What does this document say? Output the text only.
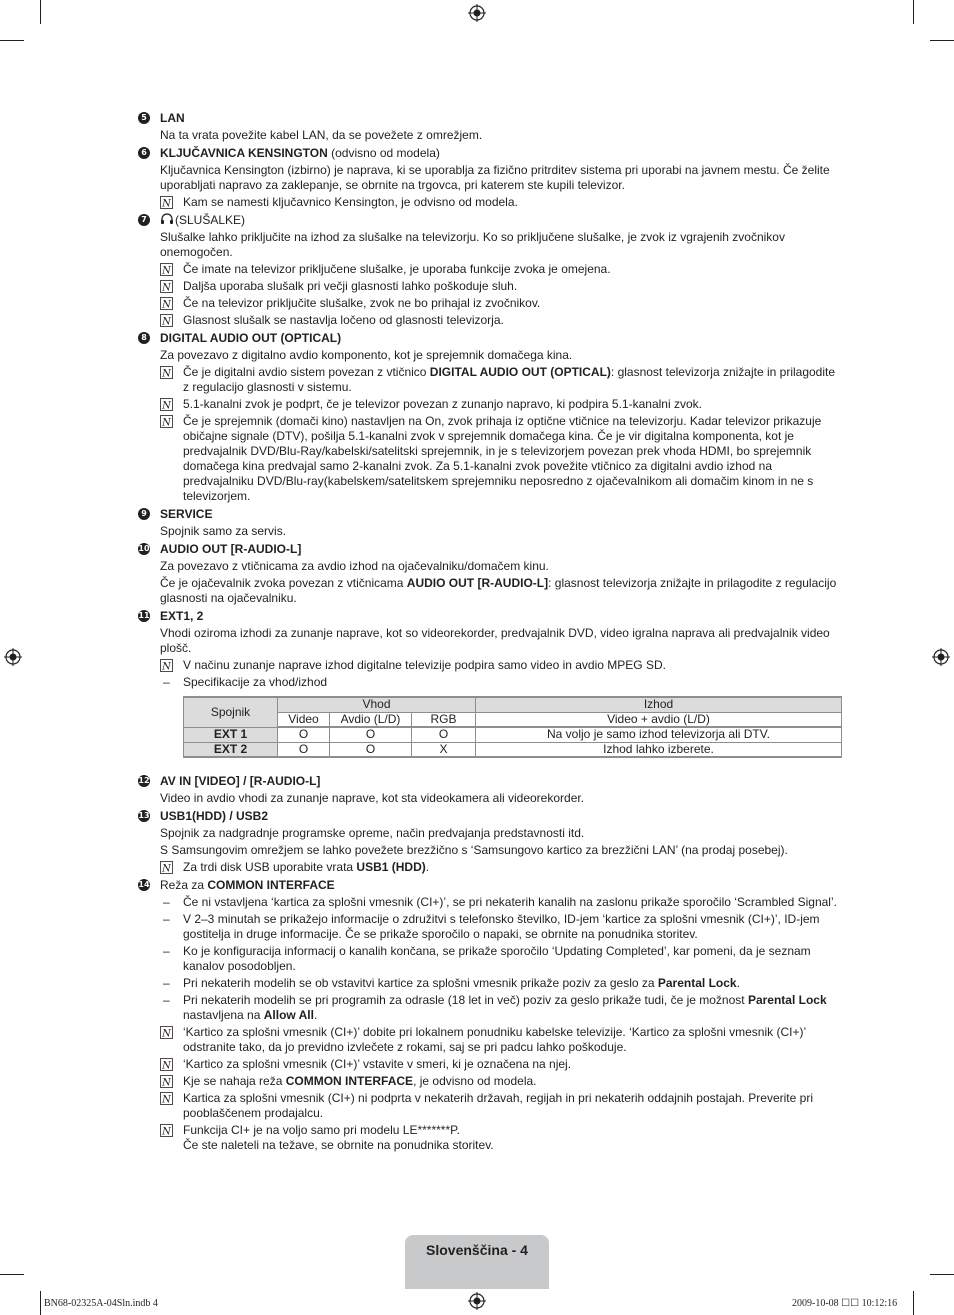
5 LAN
Na ta vrata povežite kabel LAN, da se povežete z omrežjem.
6 KLJUČAVNICA KENSINGTON (odvisno od modela)
Ključavnica Kensington (izbirno) je naprava, ki se uporablja za fizično pritrditev sistema pri uporabi na javnem mestu. Če želite uporabljati napravo za zaklepanje, se obrnite na trgovca, pri katerem ste kupili televizor.
N Kam se namesti ključavnico Kensington, je odvisno od modela.
7 (SLUŠALKE)
Slušalke lahko priključite na izhod za slušalke na televizorju. Ko so priključene slušalke, je zvok iz vgrajenih zvočnikov onemogočen.
N Če imate na televizor priključene slušalke, je uporaba funkcije zvoka je omejena.
N Daljša uporaba slušalk pri večji glasnosti lahko poškoduje sluh.
N Če na televizor priključite slušalke, zvok ne bo prihajal iz zvočnikov.
N Glasnost slušalk se nastavlja ločeno od glasnosti televizorja.
8 DIGITAL AUDIO OUT (OPTICAL)
Za povezavo z digitalno avdio komponento, kot je sprejemnik domačega kina.
N Če je digitalni avdio sistem povezan z vtičnico DIGITAL AUDIO OUT (OPTICAL): glasnost televizorja znižajte in prilagodite z regulacijo glasnosti v sistemu.
N 5.1-kanalni zvok je podprt, če je televizor povezan z zunanjo napravo, ki podpira 5.1-kanalni zvok.
N Če je sprejemnik (domači kino) nastavljen na On, zvok prihaja iz optične vtičnice na televizorju. Kadar televizor prikazuje običajne signale (DTV), pošilja 5.1-kanalni zvok v sprejemnik domačega kina. Če je vir digitalna komponenta, kot je predvajalnik DVD/Blu-Ray/kabelski/satelitski sprejemnik, in je s televizorjem povezan prek vhoda HDMI, bo sprejemnik domačega kina predvajal samo 2-kanalni zvok. Za 5.1-kanalni zvok povežite vtičnico za digitalni avdio izhod na predvajalniku DVD/Blu-ray(kabelskem/satelitskem sprejemniku neposredno z ojačevalnikom ali domačim kinom in ne s televizorjem.
9 SERVICE
Spojnik samo za servis.
10 AUDIO OUT [R-AUDIO-L]
Za povezavo z vtičnicama za avdio izhod na ojačevalniku/domačem kinu.
Če je ojačevalnik zvoka povezan z vtičnicama AUDIO OUT [R-AUDIO-L]: glasnost televizorja znižajte in prilagodite z regulacijo glasnosti na ojačevalniku.
11 EXT1, 2
Vhodi oziroma izhodi za zunanje naprave, kot so videorekorder, predvajalnik DVD, video igralna naprava ali predvajalnik video plošč.
N V načinu zunanje naprave izhod digitalne televizije podpira samo video in avdio MPEG SD.
– Specifikacije za vhod/izhod
Spojnik	Vhod			Izhod
	Video	Avdio (L/D)	RGB	Video + avdio (L/D)
EXT 1	O	O	O	Na voljo je samo izhod televizorja ali DTV.
EXT 2	O	O	X	Izhod lahko izberete.
12 AV IN [VIDEO] / [R-AUDIO-L]
Video in avdio vhodi za zunanje naprave, kot sta videokamera ali videorekorder.
13 USB1(HDD) / USB2
Spojnik za nadgradnje programske opreme, način predvajanja predstavnosti itd.
S Samsungovim omrežjem se lahko povežete brezžično s ‘Samsungovo kartico za brezžični LAN’ (na prodaj posebej).
N Za trdi disk USB uporabite vrata USB1 (HDD).
14 Reža za COMMON INTERFACE
– Če ni vstavljena ‘kartica za splošni vmesnik (CI+)’, se pri nekaterih kanalih na zaslonu prikaže sporočilo ‘Scrambled Signal’.
– V 2–3 minutah se prikažejo informacije o združitvi s telefonsko številko, ID-jem ‘kartice za splošni vmesnik (CI+)’, ID-jem gostitelja in druge informacije. Če se prikaže sporočilo o napaki, se obrnite na ponudnika storitev.
– Ko je konfiguracija informacij o kanalih končana, se prikaže sporočilo ‘Updating Completed’, kar pomeni, da je seznam kanalov posodobljen.
– Pri nekaterih modelih se ob vstavitvi kartice za splošni vmesnik prikaže poziv za geslo za Parental Lock.
– Pri nekaterih modelih se pri programih za odrasle (18 let in več) poziv za geslo prikaže tudi, če je možnost Parental Lock nastavljena na Allow All.
N ‘Kartico za splošni vmesnik (CI+)’ dobite pri lokalnem ponudniku kabelske televizije. ‘Kartico za splošni vmesnik (CI+)’ odstranite tako, da jo previdno izvlečete z rokami, saj se pri padcu lahko poškoduje.
N ‘Kartico za splošni vmesnik (CI+)’ vstavite v smeri, ki je označena na njej.
N Kje se nahaja reža COMMON INTERFACE, je odvisno od modela.
N Kartica za splošni vmesnik (CI+) ni podprta v nekaterih državah, regijah in pri nekaterih oddajnih postajah. Preverite pri pooblaščenem prodajalcu.
N Funkcija CI+ je na voljo samo pri modelu LE*******P.
Če ste naleteli na težave, se obrnite na ponudnika storitev.
Slovenščina - 4
BN68-02325A-04Sln.indb 4	2009-10-08 ☐☐ 10:12:16
